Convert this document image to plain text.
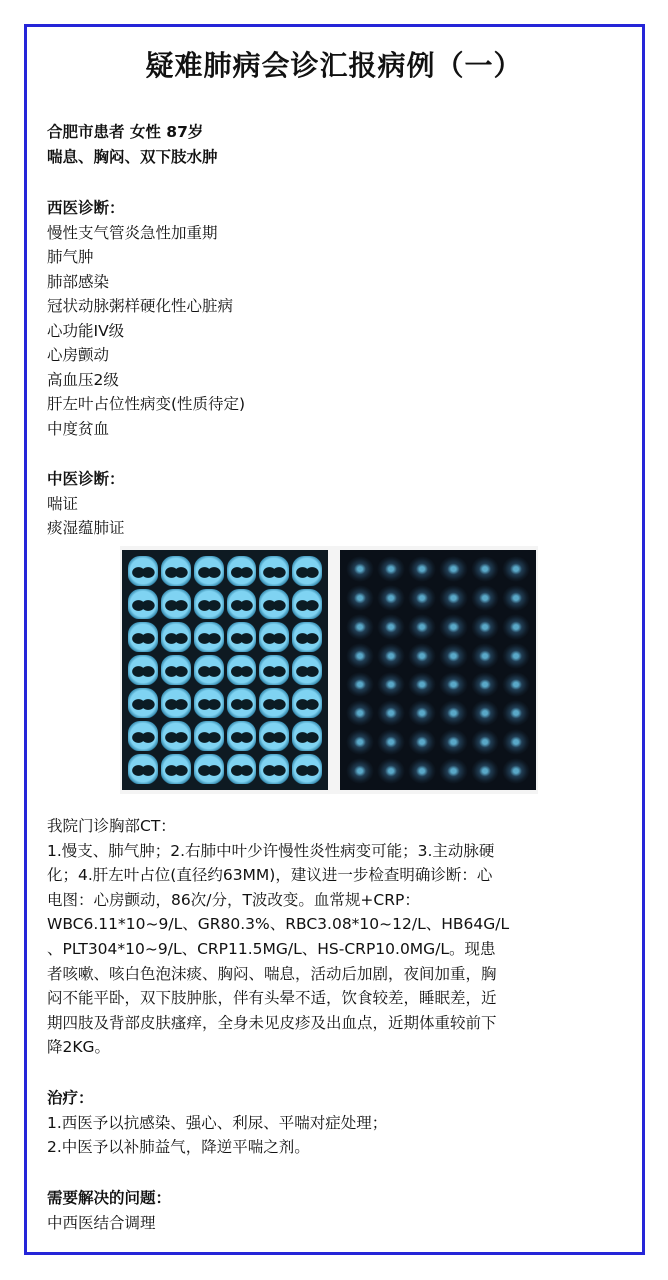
疑难肺病会诊汇报病例（一）
合肥市患者 女性 87岁
喘息、胸闷、双下肢水肿
西医诊断：
慢性支气管炎急性加重期
肺气肿
肺部感染
冠状动脉粥样硬化性心脏病
心功能IV级
心房颤动
高血压2级
肝左叶占位性病变(性质待定)
中度贫血
中医诊断：
喘证
痰湿蕴肺证
我院门诊胸部CT：
1.慢支、肺气肿；2.右肺中叶少许慢性炎性病变可能；3.主动脉硬
化；4.肝左叶占位(直径约63MM)，建议进一步检查明确诊断：心
电图：心房颤动，86次/分，T波改变。血常规+CRP：
WBC6.11*10~9/L、GR80.3%、RBC3.08*10~12/L、HB64G/L
、PLT304*10~9/L、CRP11.5MG/L、HS-CRP10.0MG/L。现患
者咳嗽、咳白色泡沫痰、胸闷、喘息，活动后加剧，夜间加重，胸
闷不能平卧，双下肢肿胀，伴有头晕不适，饮食较差，睡眠差，近
期四肢及背部皮肤瘙痒，全身未见皮疹及出血点，近期体重较前下
降2KG。
治疗：
1.西医予以抗感染、强心、利尿、平喘对症处理；
2.中医予以补肺益气，降逆平喘之剂。
需要解决的问题：
中西医结合调理
